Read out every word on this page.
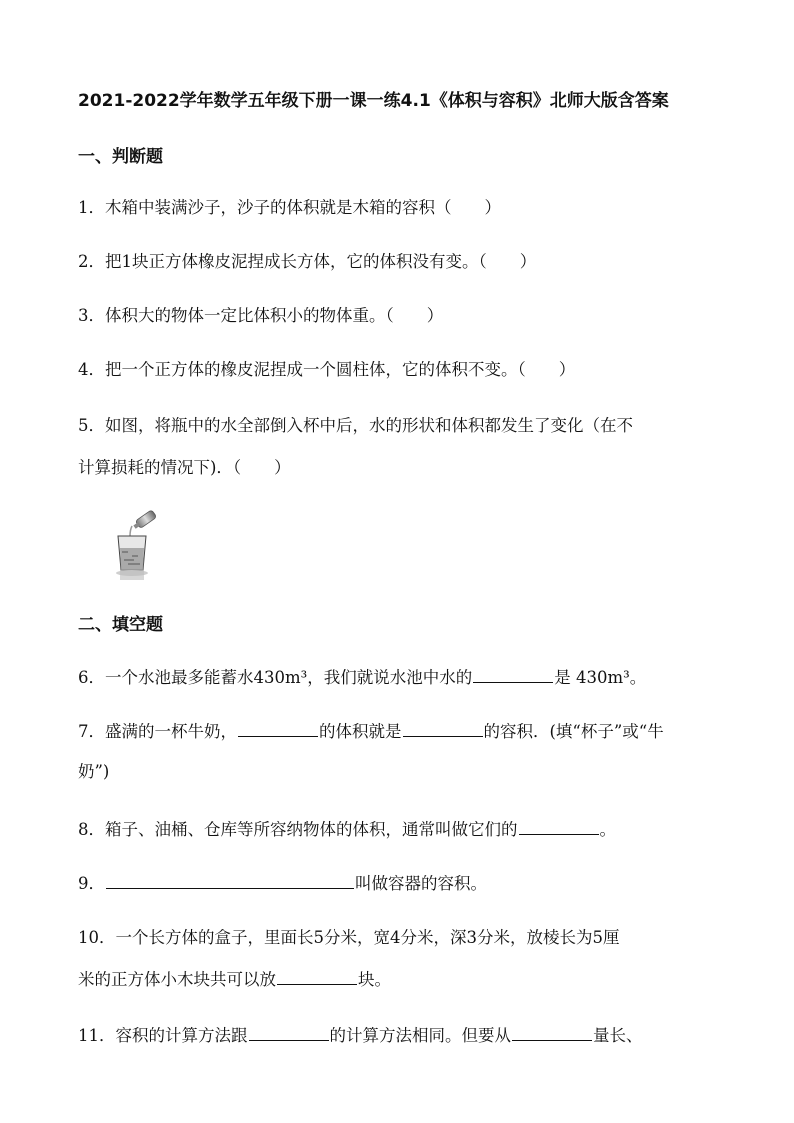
2021-2022学年数学五年级下册一课一练4.1《体积与容积》北师大版含答案
一、判断题
1．木箱中装满沙子，沙子的体积就是木箱的容积（　　）
2．把1块正方体橡皮泥捏成长方体，它的体积没有变。（　　）
3．体积大的物体一定比体积小的物体重。（　　）
4．把一个正方体的橡皮泥捏成一个圆柱体，它的体积不变。（　　）
5．如图，将瓶中的水全部倒入杯中后，水的形状和体积都发生了变化（在不
计算损耗的情况下)．（　　）
二、填空题
6．一个水池最多能蓄水430m³，我们就说水池中水的	是 430m³。
7．盛满的一杯牛奶，	的体积就是	的容积．(填“杯子”或“牛
奶”)
8．箱子、油桶、仓库等所容纳物体的体积，通常叫做它们的	。
9．	叫做容器的容积。
10．一个长方体的盒子，里面长5分米，宽4分米，深3分米，放棱长为5厘
米的正方体小木块共可以放	块。
11．容积的计算方法跟	的计算方法相同。但要从	量长、
